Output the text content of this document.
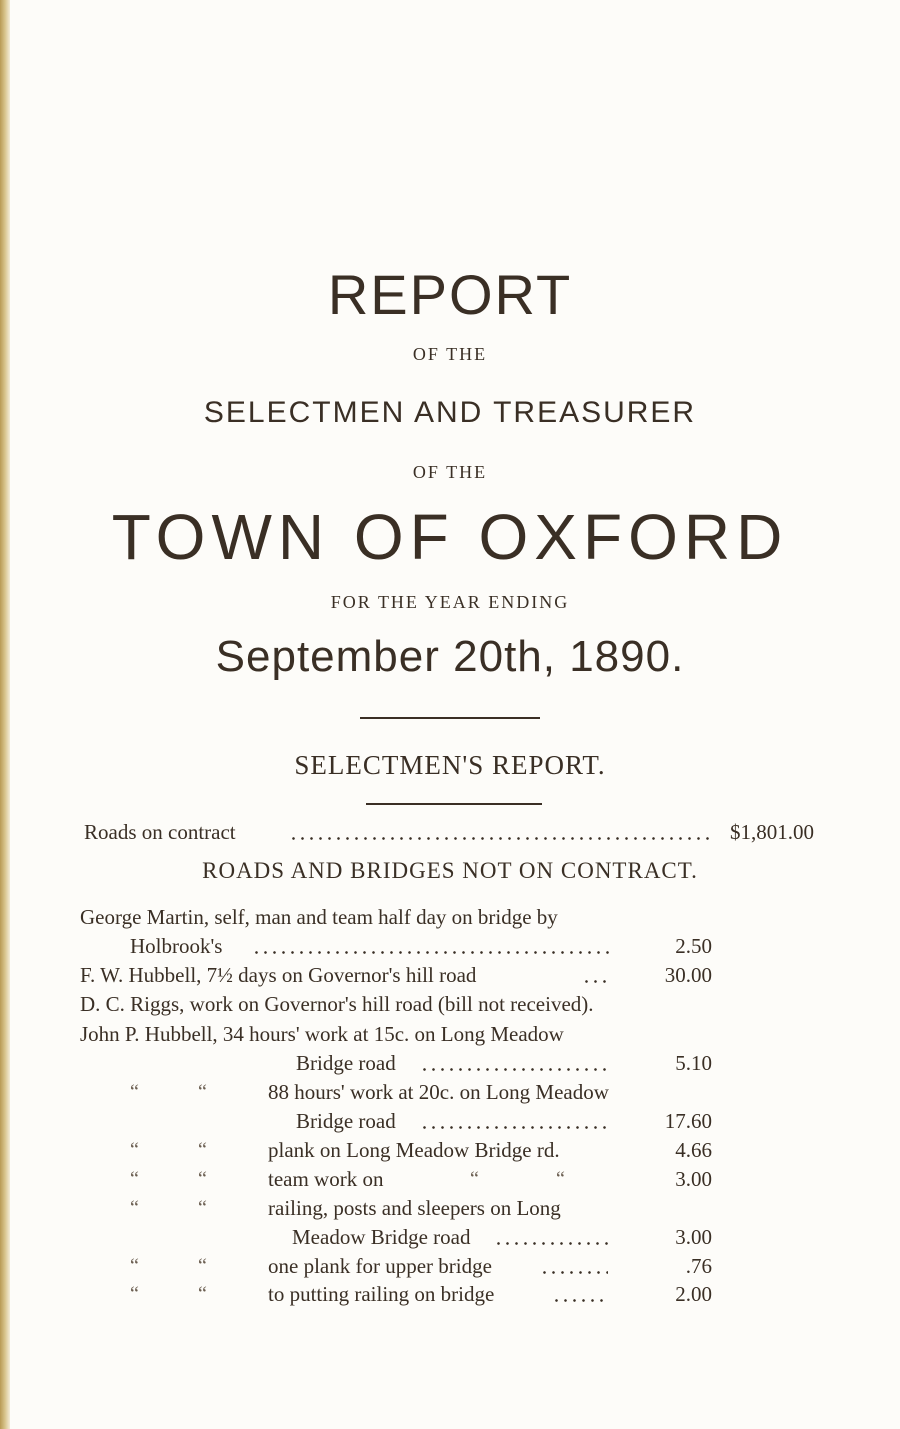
REPORT
OF THE
SELECTMEN AND TREASURER
OF THE
TOWN OF OXFORD
FOR THE YEAR ENDING
September 20th, 1890.
SELECTMEN'S REPORT.
Roads on contract	$1,801.00
ROADS AND BRIDGES NOT ON CONTRACT.
George Martin, self, man and team half day on bridge by
Holbrook's	2.50
F. W. Hubbell, 7½ days on Governor's hill road	30.00
D. C. Riggs, work on Governor's hill road (bill not received).
John P. Hubbell, 34 hours' work at 15c. on Long Meadow
Bridge road	5.10
“	“	88 hours' work at 20c. on Long Meadow
Bridge road	17.60
“	“	plank on Long Meadow Bridge rd.	4.66
“	“	team work on	“	“	3.00
“	“	railing, posts and sleepers on Long
Meadow Bridge road	3.00
“	“	one plank for upper bridge	.76
“	“	to putting railing on bridge	2.00
